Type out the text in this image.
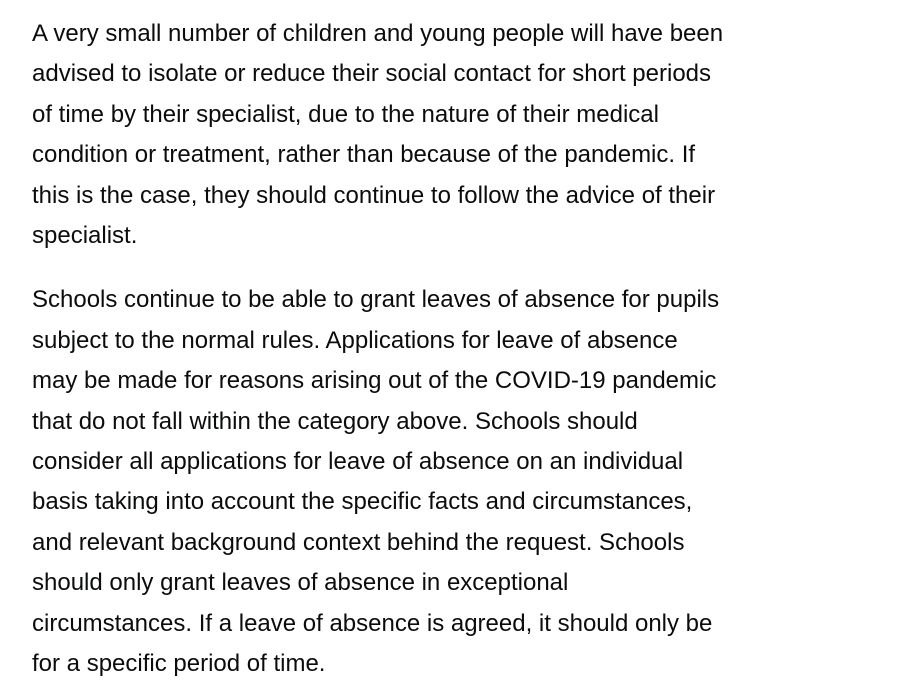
A very small number of children and young people will have been
advised to isolate or reduce their social contact for short periods
of time by their specialist, due to the nature of their medical
condition or treatment, rather than because of the pandemic. If
this is the case, they should continue to follow the advice of their
specialist.

Schools continue to be able to grant leaves of absence for pupils
subject to the normal rules. Applications for leave of absence
may be made for reasons arising out of the COVID-19 pandemic
that do not fall within the category above. Schools should
consider all applications for leave of absence on an individual
basis taking into account the specific facts and circumstances,
and relevant background context behind the request. Schools
should only grant leaves of absence in exceptional
circumstances. If a leave of absence is agreed, it should only be
for a specific period of time.
